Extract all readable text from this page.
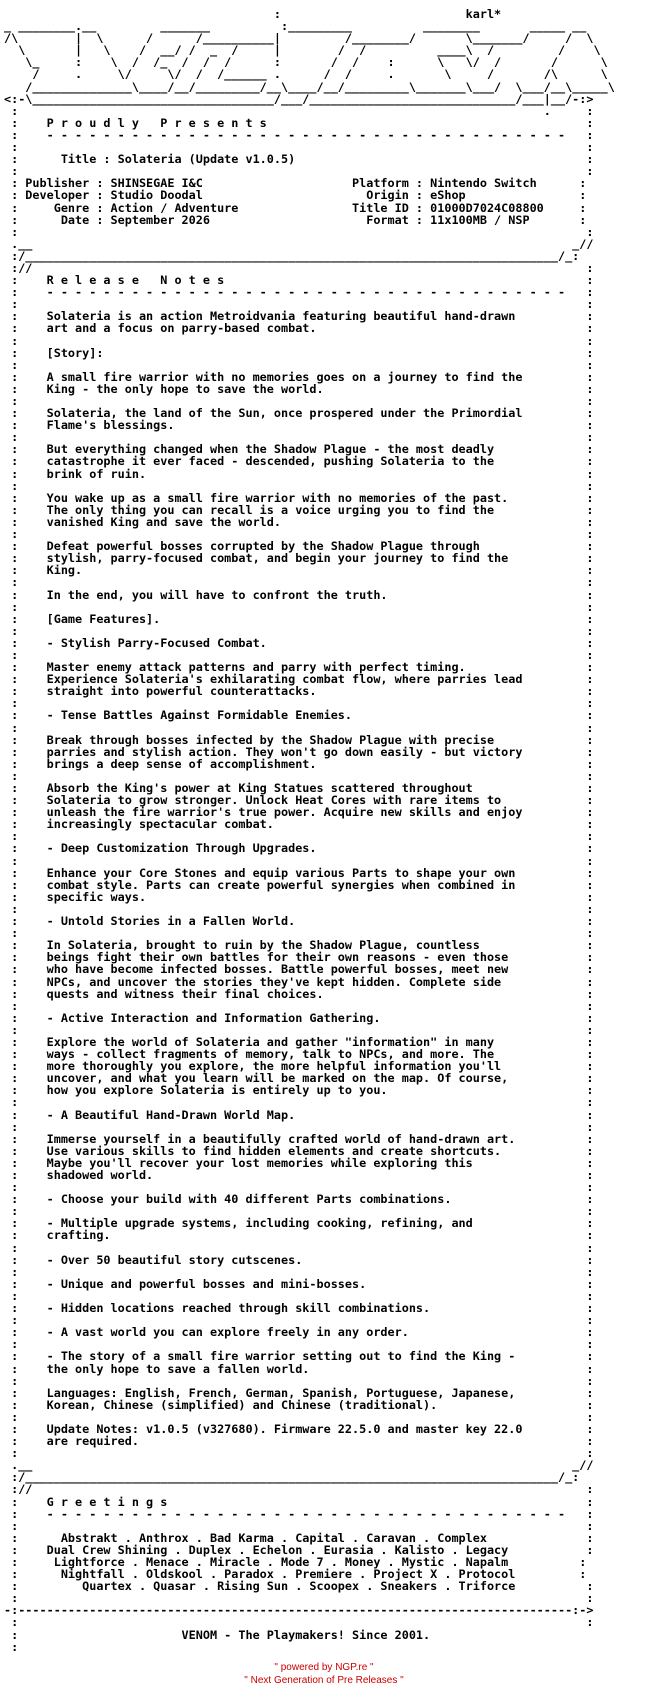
:                          karl*
_ ________.__         _______          :_________          ________       _____ __
/\        |  \      /      /__________|         /________/       \_______/     /  \
\       |   \    /  __/ /  _  /     |        /  /          ____\  /         /    \
\_     :    \  /  /_  /  /  /      :       /  /    :      \   \/  /       /      \
/     .     \/     \/  /  /______ .      /  /     .       \     /       /\      \
/______________\____/__/_________/__\____/__/_________\_______\___/  \___/__\_____\
<:-\__________________________________/___/_____________________________/___|__/-:>
:                                                                          .     :
:    P r o u d l y   P r e s e n t s                                             :
:    - - - - - - - - - - - - - - - - - - - - - - - - - - - - - - - - - - - - -   :
:                                                                                :
:      Title : Solateria (Update v1.0.5)                                         :
:                                                                                :
: Publisher : SHINSEGAE I&C                     Platform : Nintendo Switch      :
: Developer : Studio Doodal                       Origin : eShop                :
:     Genre : Action / Adventure                Title ID : 01000D7024C08800     :
:      Date : September 2026                      Format : 11x100MB / NSP       :
:                                                                                :
.__                                                                            _//
:/___________________________________________________________________________/_:
://                                                                              :
:    R e l e a s e   N o t e s                                                   :
:    - - - - - - - - - - - - - - - - - - - - - - - - - - - - - - - - - - - - -   :
:                                                                                :
:    Solateria is an action Metroidvania featuring beautiful hand-drawn          :
:    art and a focus on parry-based combat.                                      :
:                                                                                :
:    [Story]:                                                                    :
:                                                                                :
:    A small fire warrior with no memories goes on a journey to find the         :
:    King - the only hope to save the world.                                     :
:                                                                                :
:    Solateria, the land of the Sun, once prospered under the Primordial         :
:    Flame's blessings.                                                          :
:                                                                                :
:    But everything changed when the Shadow Plague - the most deadly             :
:    catastrophe it ever faced - descended, pushing Solateria to the             :
:    brink of ruin.                                                              :
:                                                                                :
:    You wake up as a small fire warrior with no memories of the past.           :
:    The only thing you can recall is a voice urging you to find the             :
:    vanished King and save the world.                                           :
:                                                                                :
:    Defeat powerful bosses corrupted by the Shadow Plague through               :
:    stylish, parry-focused combat, and begin your journey to find the           :
:    King.                                                                       :
:                                                                                :
:    In the end, you will have to confront the truth.                            :
:                                                                                :
:    [Game Features].                                                            :
:                                                                                :
:    - Stylish Parry-Focused Combat.                                             :
:                                                                                :
:    Master enemy attack patterns and parry with perfect timing.                 :
:    Experience Solateria's exhilarating combat flow, where parries lead         :
:    straight into powerful counterattacks.                                      :
:                                                                                :
:    - Tense Battles Against Formidable Enemies.                                 :
:                                                                                :
:    Break through bosses infected by the Shadow Plague with precise             :
:    parries and stylish action. They won't go down easily - but victory         :
:    brings a deep sense of accomplishment.                                      :
:                                                                                :
:    Absorb the King's power at King Statues scattered throughout                :
:    Solateria to grow stronger. Unlock Heat Cores with rare items to            :
:    unleash the fire warrior's true power. Acquire new skills and enjoy         :
:    increasingly spectacular combat.                                            :
:                                                                                :
:    - Deep Customization Through Upgrades.                                      :
:                                                                                :
:    Enhance your Core Stones and equip various Parts to shape your own          :
:    combat style. Parts can create powerful synergies when combined in          :
:    specific ways.                                                              :
:                                                                                :
:    - Untold Stories in a Fallen World.                                         :
:                                                                                :
:    In Solateria, brought to ruin by the Shadow Plague, countless               :
:    beings fight their own battles for their own reasons - even those           :
:    who have become infected bosses. Battle powerful bosses, meet new           :
:    NPCs, and uncover the stories they've kept hidden. Complete side            :
:    quests and witness their final choices.                                     :
:                                                                                :
:    - Active Interaction and Information Gathering.                             :
:                                                                                :
:    Explore the world of Solateria and gather "information" in many             :
:    ways - collect fragments of memory, talk to NPCs, and more. The             :
:    more thoroughly you explore, the more helpful information you'll            :
:    uncover, and what you learn will be marked on the map. Of course,           :
:    how you explore Solateria is entirely up to you.                            :
:                                                                                :
:    - A Beautiful Hand-Drawn World Map.                                         :
:                                                                                :
:    Immerse yourself in a beautifully crafted world of hand-drawn art.          :
:    Use various skills to find hidden elements and create shortcuts.            :
:    Maybe you'll recover your lost memories while exploring this                :
:    shadowed world.                                                             :
:                                                                                :
:    - Choose your build with 40 different Parts combinations.                   :
:                                                                                :
:    - Multiple upgrade systems, including cooking, refining, and                :
:    crafting.                                                                   :
:                                                                                :
:    - Over 50 beautiful story cutscenes.                                        :
:                                                                                :
:    - Unique and powerful bosses and mini-bosses.                               :
:                                                                                :
:    - Hidden locations reached through skill combinations.                      :
:                                                                                :
:    - A vast world you can explore freely in any order.                         :
:                                                                                :
:    - The story of a small fire warrior setting out to find the King -          :
:    the only hope to save a fallen world.                                       :
:                                                                                :
:    Languages: English, French, German, Spanish, Portuguese, Japanese,          :
:    Korean, Chinese (simplified) and Chinese (traditional).                     :
:                                                                                :
:    Update Notes: v1.0.5 (v327680). Firmware 22.5.0 and master key 22.0         :
:    are required.                                                               :
:                                                                                :
.__                                                                            _//
:/___________________________________________________________________________/_:
://                                                                              :
:    G r e e t i n g s                                                           :
:    - - - - - - - - - - - - - - - - - - - - - - - - - - - - - - - - - - - - -   :
:                                                                                :
:      Abstrakt . Anthrox . Bad Karma . Capital . Caravan . Complex              :
:    Dual Crew Shining . Duplex . Echelon . Eurasia . Kalisto . Legacy           :
:     Lightforce . Menace . Miracle . Mode 7 . Money . Mystic . Napalm          :
:      Nightfall . Oldskool . Paradox . Premiere . Project X . Protocol         :
:         Quartex . Quasar . Rising Sun . Scoopex . Sneakers . Triforce          :
:                                                                                :
-:------------------------------------------------------------------------------:->
:                                                                                :
:                       VENOM - The Playmakers! Since 2001.
:
" powered by NGP.re "
" Next Generation of Pre Releases "
